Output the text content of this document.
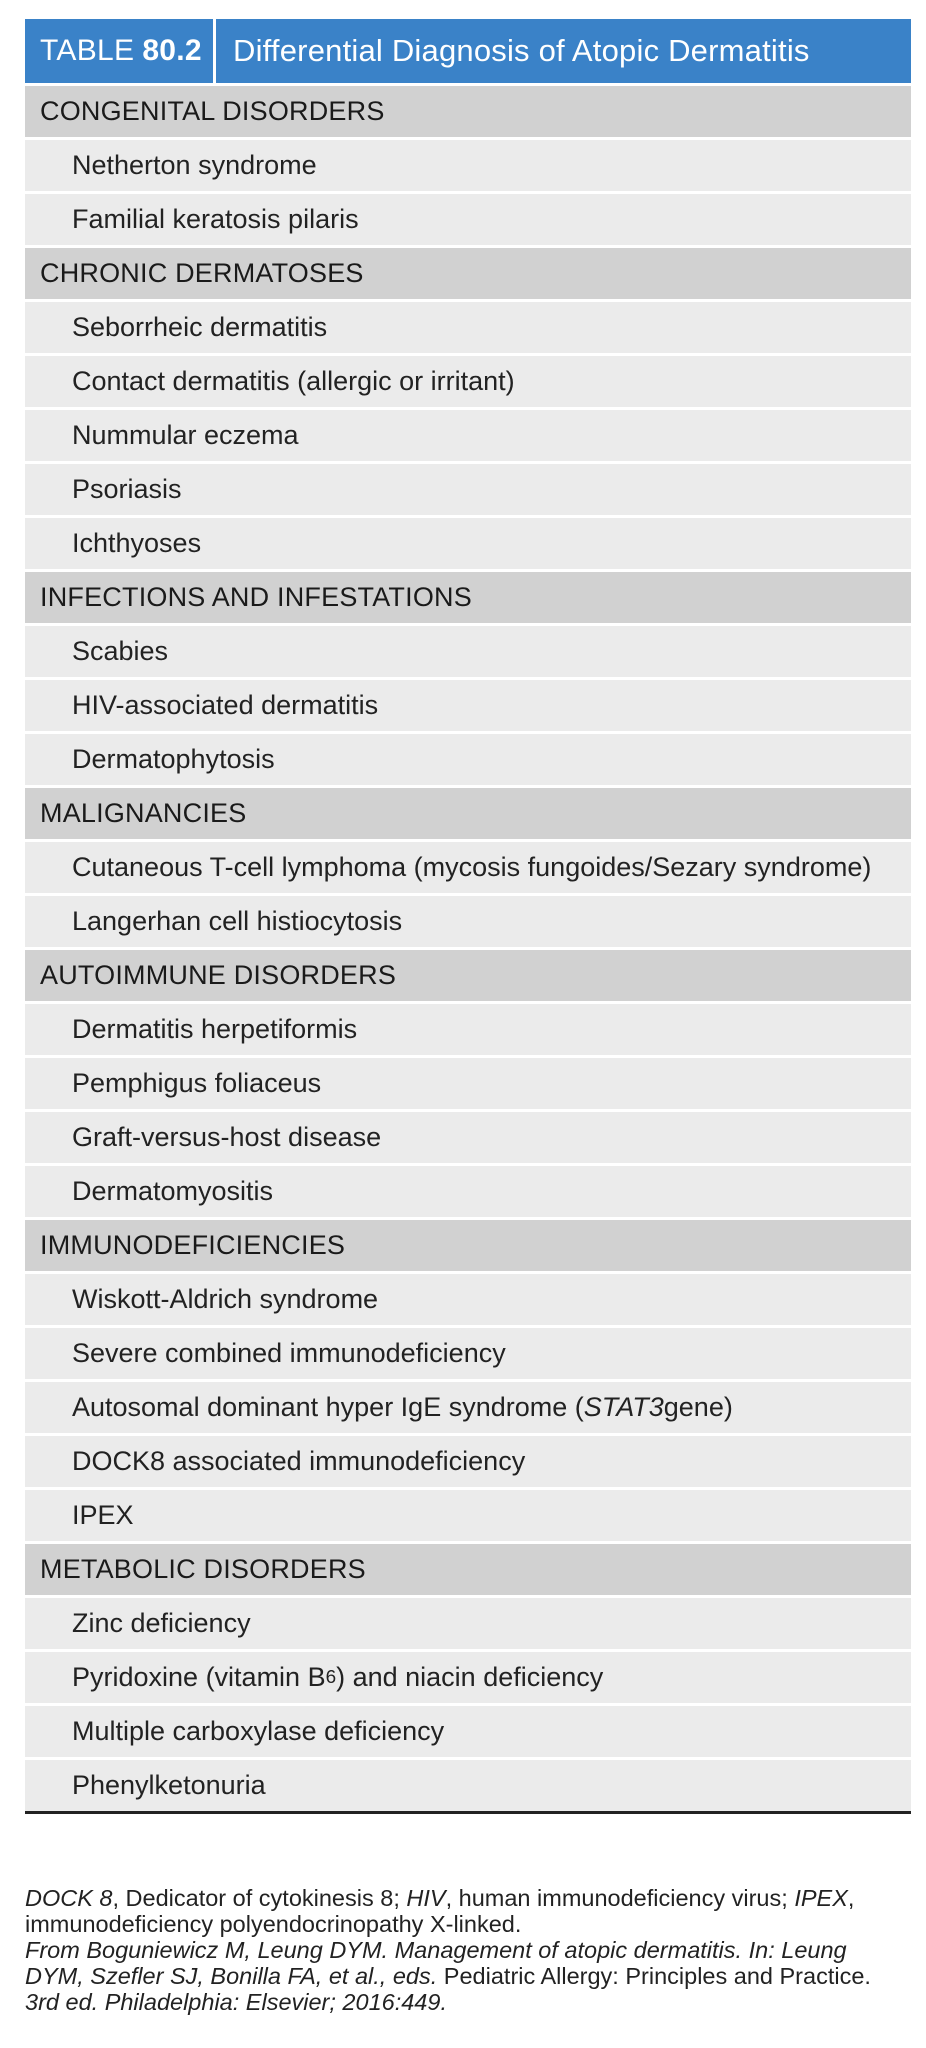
TABLE 80.2	Differential Diagnosis of Atopic Dermatitis
CONGENITAL DISORDERS
Netherton syndrome
Familial keratosis pilaris
CHRONIC DERMATOSES
Seborrheic dermatitis
Contact dermatitis (allergic or irritant)
Nummular eczema
Psoriasis
Ichthyoses
INFECTIONS AND INFESTATIONS
Scabies
HIV-associated dermatitis
Dermatophytosis
MALIGNANCIES
Cutaneous T-cell lymphoma (mycosis fungoides/Sezary syndrome)
Langerhan cell histiocytosis
AUTOIMMUNE DISORDERS
Dermatitis herpetiformis
Pemphigus foliaceus
Graft-versus-host disease
Dermatomyositis
IMMUNODEFICIENCIES
Wiskott-Aldrich syndrome
Severe combined immunodeficiency
Autosomal dominant hyper IgE syndrome ( STAT3 gene)
DOCK8 associated immunodeficiency
IPEX
METABOLIC DISORDERS
Zinc deficiency
Pyridoxine (vitamin B 6 ) and niacin deficiency
Multiple carboxylase deficiency
Phenylketonuria
DOCK 8, Dedicator of cytokinesis 8; HIV, human immunodeficiency virus; IPEX,
immunodeficiency polyendocrinopathy X-linked.
From Boguniewicz M, Leung DYM. Management of atopic dermatitis. In: Leung
DYM, Szefler SJ, Bonilla FA, et al., eds. Pediatric Allergy: Principles and Practice.
3rd ed. Philadelphia: Elsevier; 2016:449.
